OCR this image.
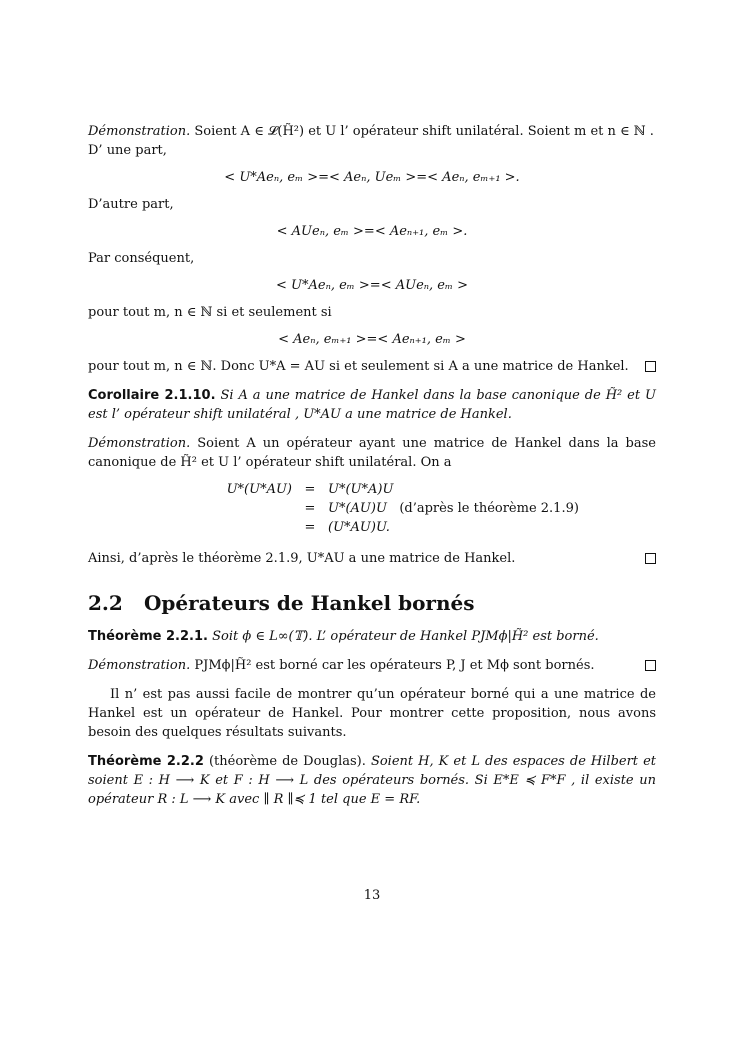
Démonstration. Soient A ∈ 𝓛(H̃²) et U l’ opérateur shift unilatéral. Soient m et n ∈ ℕ .
D’ une part,

< U*Aeₙ, eₘ >=< Aeₙ, Ueₘ >=< Aeₙ, eₘ₊₁ >.

D’autre part,

< AUeₙ, eₘ >=< Aeₙ₊₁, eₘ >.

Par conséquent,

< U*Aeₙ, eₘ >=< AUeₙ, eₘ >

pour tout m, n ∈ ℕ si et seulement si

< Aeₙ, eₘ₊₁ >=< Aeₙ₊₁, eₘ >

pour tout m, n ∈ ℕ. Donc U*A = AU si et seulement si A a une matrice de Hankel.

Corollaire 2.1.10. Si A a une matrice de Hankel dans la base canonique de H̃² et U est l’ opérateur shift unilatéral , U*AU a une matrice de Hankel.

Démonstration. Soient A un opérateur ayant une matrice de Hankel dans la base canonique de H̃² et U l’ opérateur shift unilatéral. On a

U*(U*AU)	=	U*(U*A)U
	=	U*(AU)U (d’après le théorème 2.1.9)
	=	(U*AU)U.

Ainsi, d’après le théorème 2.1.9, U*AU a une matrice de Hankel.

2.2 Opérateurs de Hankel bornés

Théorème 2.2.1. Soit ϕ ∈ L∞(𝕋). L’ opérateur de Hankel PJMϕ|H̃² est borné.

Démonstration. PJMϕ|H̃² est borné car les opérateurs P, J et Mϕ sont bornés.

Il n’ est pas aussi facile de montrer qu’un opérateur borné qui a une matrice de Hankel est un opérateur de Hankel. Pour montrer cette proposition, nous avons besoin des quelques résultats suivants.

Théorème 2.2.2 (théorème de Douglas). Soient H, K et L des espaces de Hilbert et soient E : H ⟶ K et F : H ⟶ L des opérateurs bornés. Si E*E ≼ F*F , il existe un opérateur R : L ⟶ K avec ∥ R ∥≼ 1 tel que E = RF.

13
